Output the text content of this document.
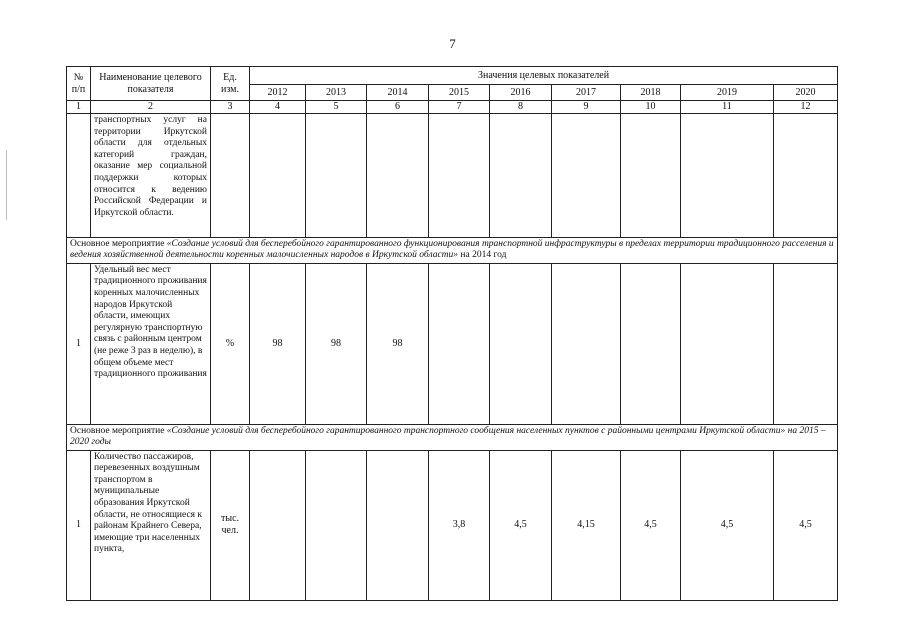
7
№ п/п	Наименование целевого показателя	Ед. изм.	Значения целевых показателей								
			2012	2013	2014	2015	2016	2017	2018	2019	2020
1	2	3	4	5	6	7	8	9	10	11	12
	транспортных услуг на территории Иркутской области для отдельных категорий граждан, оказание мер социальной поддержки которых относится к ведению Российской Федерации и Иркутской области.										
Основное мероприятие «Создание условий для бесперебойного гарантированного функционирования транспортной инфраструктуры в пределах территории традиционного расселения и ведения хозяйственной деятельности коренных малочисленных народов в Иркутской области» на 2014 год											
1	Удельный вес мест традиционного проживания коренных малочисленных народов Иркутской области, имеющих регулярную транспортную связь с районным центром (не реже 3 раз в неделю), в общем объеме мест традиционного проживания	%	98	98	98						
Основное мероприятие «Создание условий для бесперебойного гарантированного транспортного сообщения населенных пунктов с районными центрами Иркутской области» на 2015 – 2020 годы											
1	Количество пассажиров, перевезенных воздушным транспортом в муниципальные образования Иркутской области, не относящиеся к районам Крайнего Севера, имеющие три населенных пункта,	тыс. чел.				3,8	4,5	4,15	4,5	4,5	4,5
